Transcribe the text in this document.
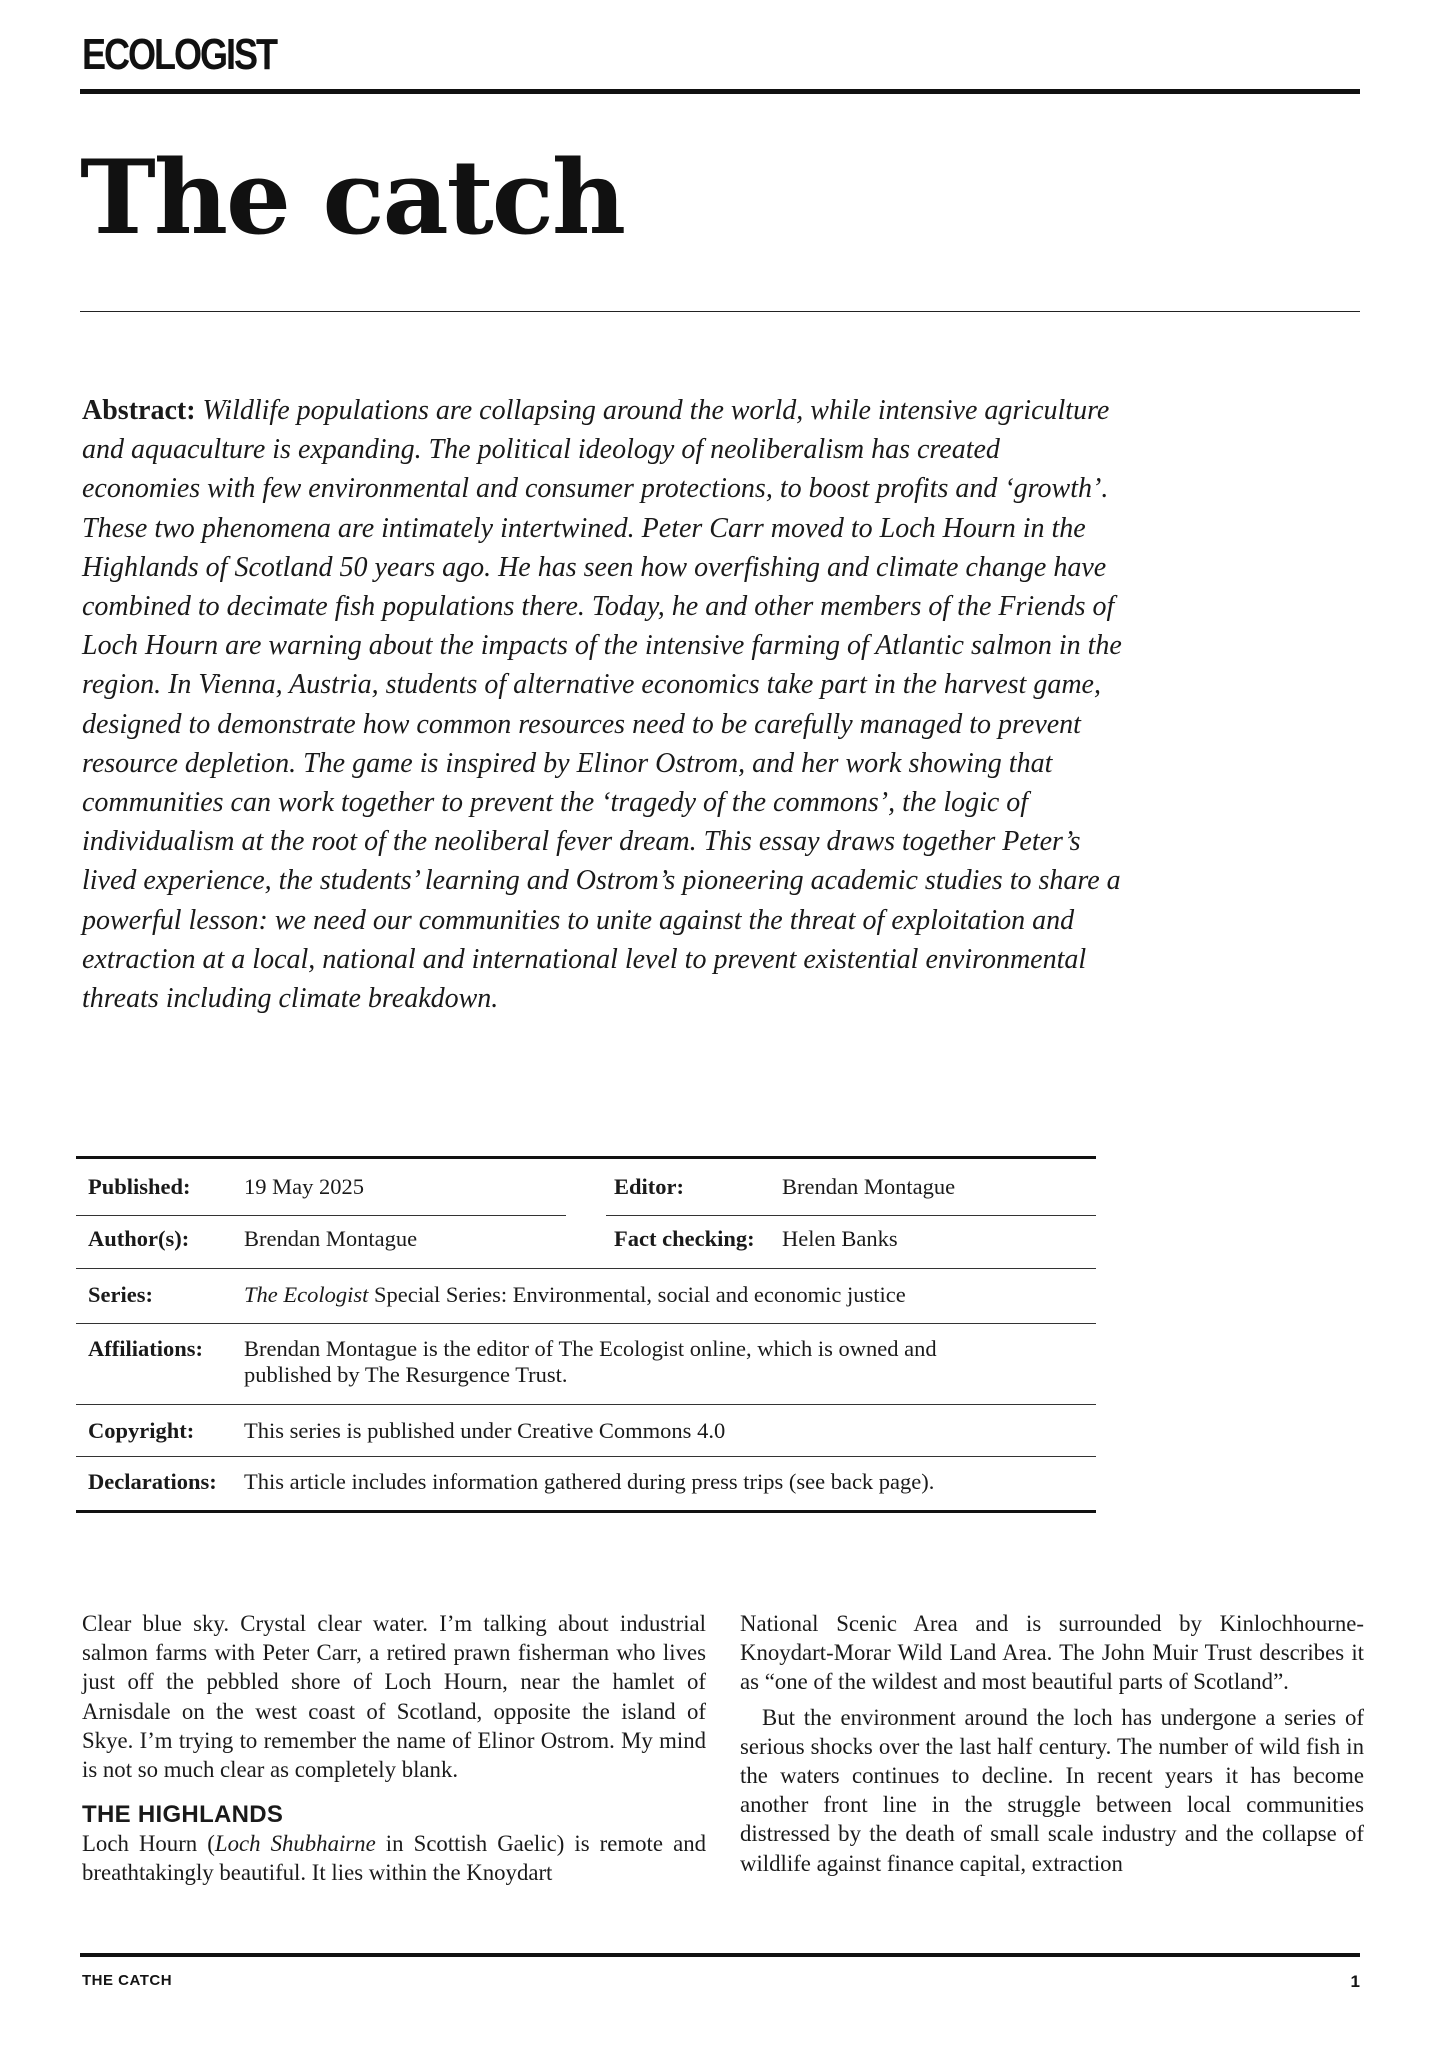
ECOLOGIST
The catch
Abstract: Wildlife populations are collapsing around the world, while intensive agriculture and aquaculture is expanding. The political ideology of neoliberalism has created economies with few environmental and consumer protections, to boost profits and ‘growth’. These two phenomena are intimately intertwined. Peter Carr moved to Loch Hourn in the Highlands of Scotland 50 years ago. He has seen how overfishing and climate change have combined to decimate fish populations there. Today, he and other members of the Friends of Loch Hourn are warning about the impacts of the intensive farming of Atlantic salmon in the region. In Vienna, Austria, students of alternative economics take part in the harvest game, designed to demonstrate how common resources need to be carefully managed to prevent resource depletion. The game is inspired by Elinor Ostrom, and her work showing that communities can work together to prevent the ‘tragedy of the commons’, the logic of individualism at the root of the neoliberal fever dream. This essay draws together Peter’s lived experience, the students’ learning and Ostrom’s pioneering academic studies to share a powerful lesson: we need our communities to unite against the threat of exploitation and extraction at a local, national and international level to prevent existential environmental threats including climate breakdown.
Published: 19 May 2025	Editor:	Brendan Montague
Author(s): Brendan Montague	Fact checking: Helen Banks
Series:	The Ecologist Special Series: Environmental, social and economic justice
Affiliations: Brendan Montague is the editor of The Ecologist online, which is owned and
published by The Resurgence Trust.
Copyright: This series is published under Creative Commons 4.0
Declarations: This article includes information gathered during press trips (see back page).

Clear blue sky. Crystal clear water. I’m talking about industrial salmon farms with Peter Carr, a retired prawn fisherman who lives just off the pebbled shore of Loch Hourn, near the hamlet of Arnisdale on the west coast of Scotland, opposite the island of Skye. I’m trying to remember the name of Elinor Ostrom. My mind is not so much clear as completely blank.

THE HIGHLANDS

Loch Hourn (Loch Shubhairne in Scottish Gaelic) is remote and breathtakingly beautiful. It lies within the Knoydart

National Scenic Area and is surrounded by Kinlochhourne-Knoydart-Morar Wild Land Area. The John Muir Trust describes it as “one of the wildest and most beautiful parts of Scotland”.

But the environment around the loch has undergone a series of serious shocks over the last half century. The number of wild fish in the waters continues to decline. In recent years it has become another front line in the struggle between local communities distressed by the death of small scale industry and the collapse of wildlife against finance capital, extraction

THE CATCH	1
